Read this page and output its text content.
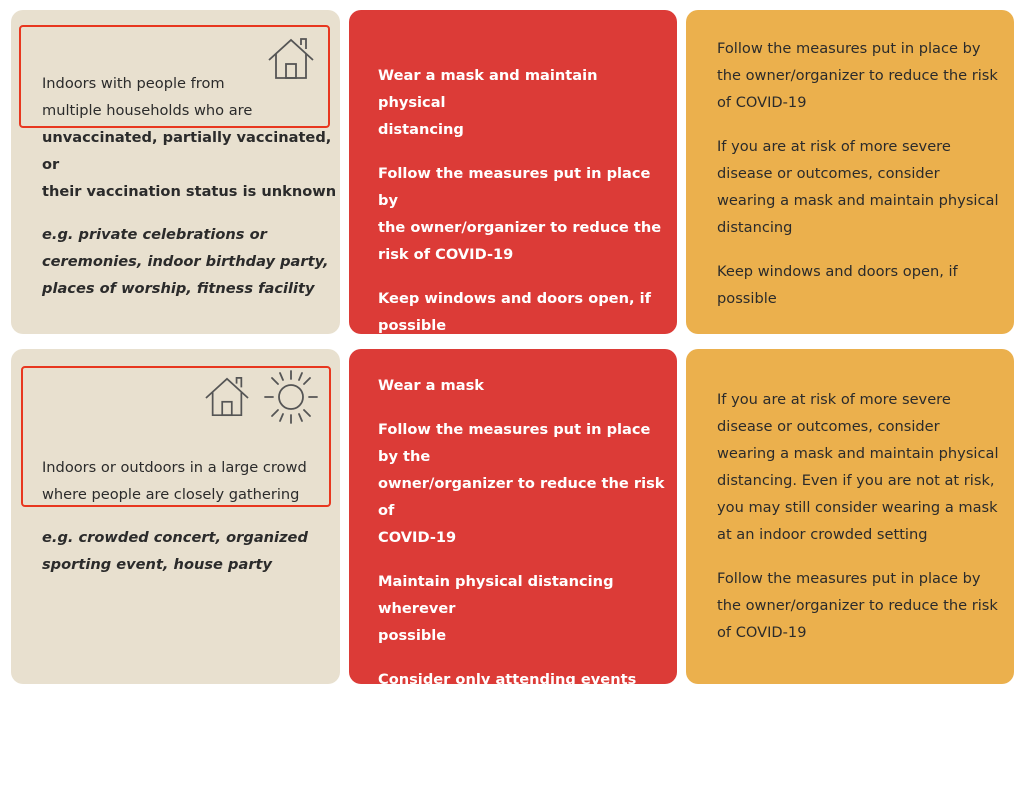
Indoors with people from
multiple households who are
unvaccinated, partially vaccinated, or
their vaccination status is unknown
e.g. private celebrations or
ceremonies, indoor birthday party,
places of worship, fitness facility
Wear a mask and maintain physical
distancing
Follow the measures put in place by
the owner/organizer to reduce the
risk of COVID-19
Keep windows and doors open, if
possible
Follow the measures put in place by
the owner/organizer to reduce the risk
of COVID-19
If you are at risk of more severe
disease or outcomes, consider
wearing a mask and maintain physical
distancing
Keep windows and doors open, if
possible
Indoors or outdoors in a large crowd
where people are closely gathering
e.g. crowded concert, organized
sporting event, house party
Wear a mask
Follow the measures put in place by the
owner/organizer to reduce the risk of
COVID-19
Maintain physical distancing wherever
possible
Consider only attending events where
there are safety plans in place that
follow local public health advice
If you are at risk of more severe
disease or outcomes, consider
wearing a mask and maintain physical
distancing. Even if you are not at risk,
you may still consider wearing a mask
at an indoor crowded setting
Follow the measures put in place by
the owner/organizer to reduce the risk
of COVID-19
